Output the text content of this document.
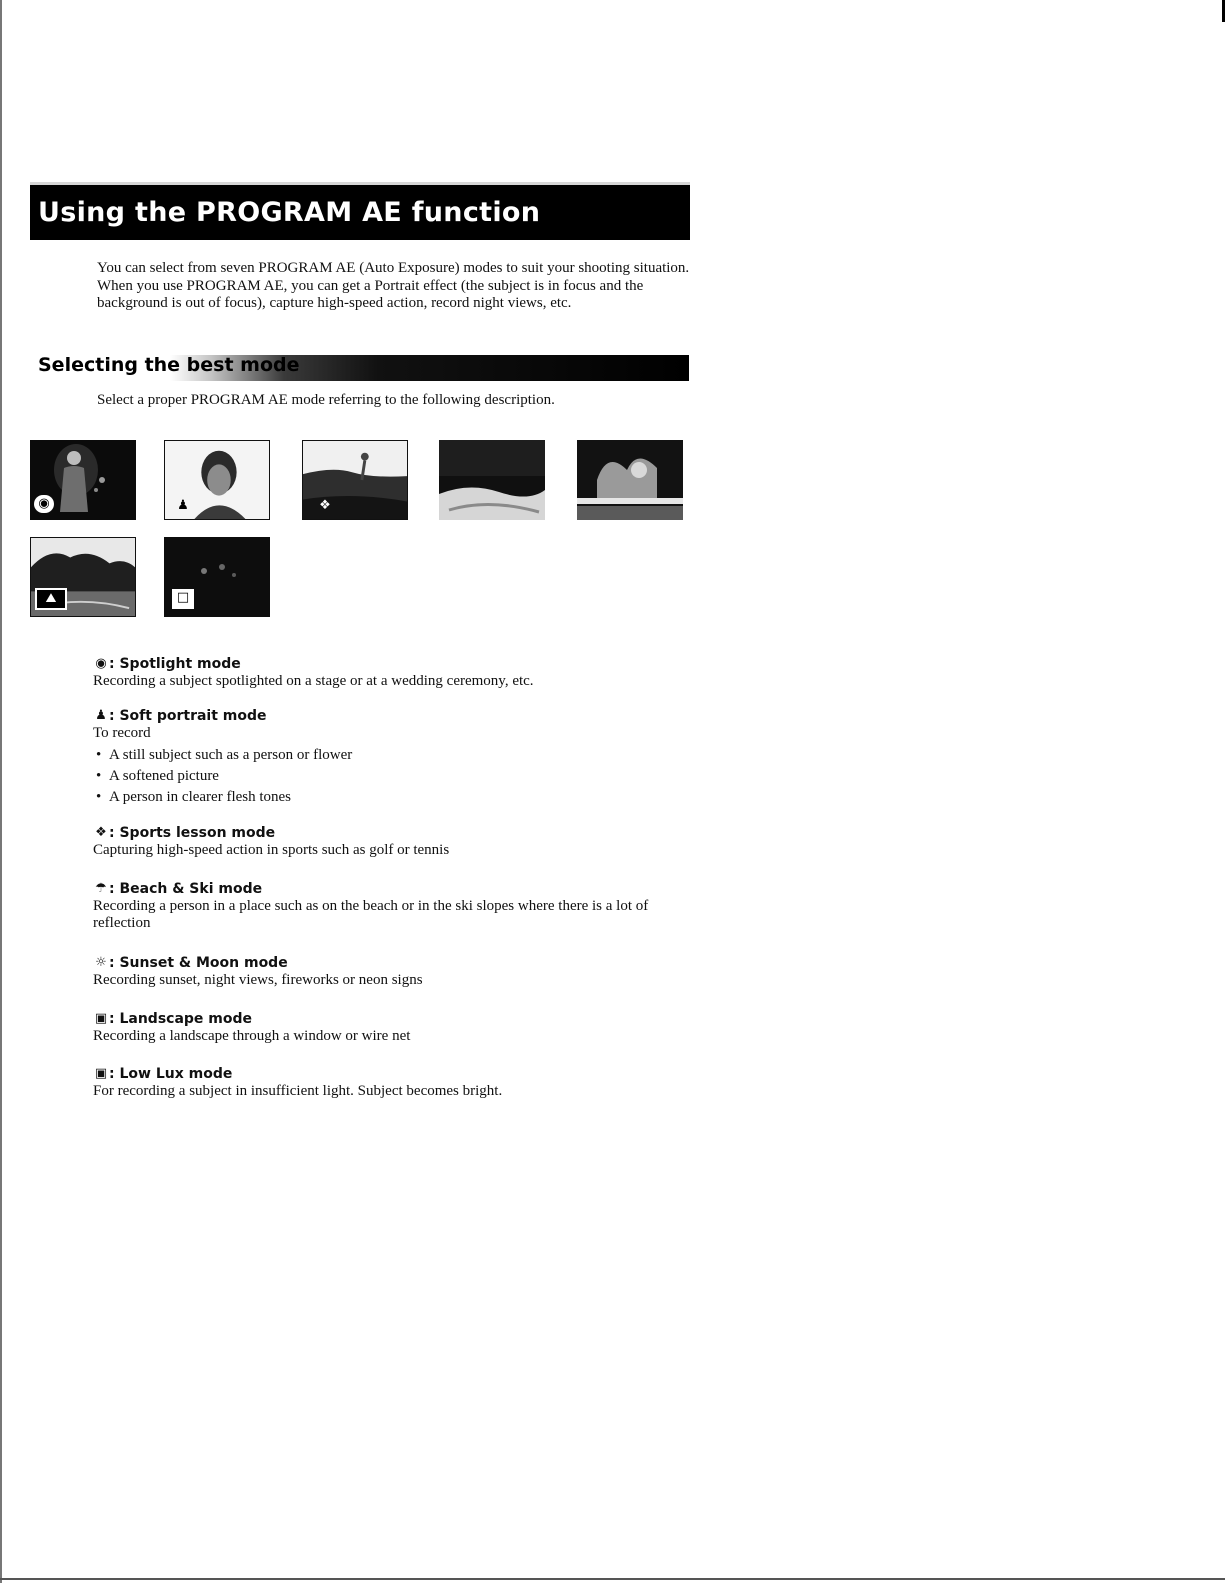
Using the PROGRAM AE function

You can select from seven PROGRAM AE (Auto Exposure) modes to suit your shooting situation. When you use PROGRAM AE, you can get a Portrait effect (the subject is in focus and the background is out of focus), capture high-speed action, record night views, etc.

Selecting the best mode

Select a proper PROGRAM AE mode referring to the following description.

◉	♟	❖
⛰	□

◉ : Spotlight mode

Recording a subject spotlighted on a stage or at a wedding ceremony, etc.

♟ : Soft portrait mode

To record

• A still subject such as a person or flower
• A softened picture
• A person in clearer flesh tones

❖ : Sports lesson mode

Capturing high-speed action in sports such as golf or tennis

☂ : Beach & Ski mode

Recording a person in a place such as on the beach or in the ski slopes where there is a lot of reflection

☼ : Sunset & Moon mode

Recording sunset, night views, fireworks or neon signs

▣ : Landscape mode

Recording a landscape through a window or wire net

▣ : Low Lux mode

For recording a subject in insufficient light. Subject becomes bright.
